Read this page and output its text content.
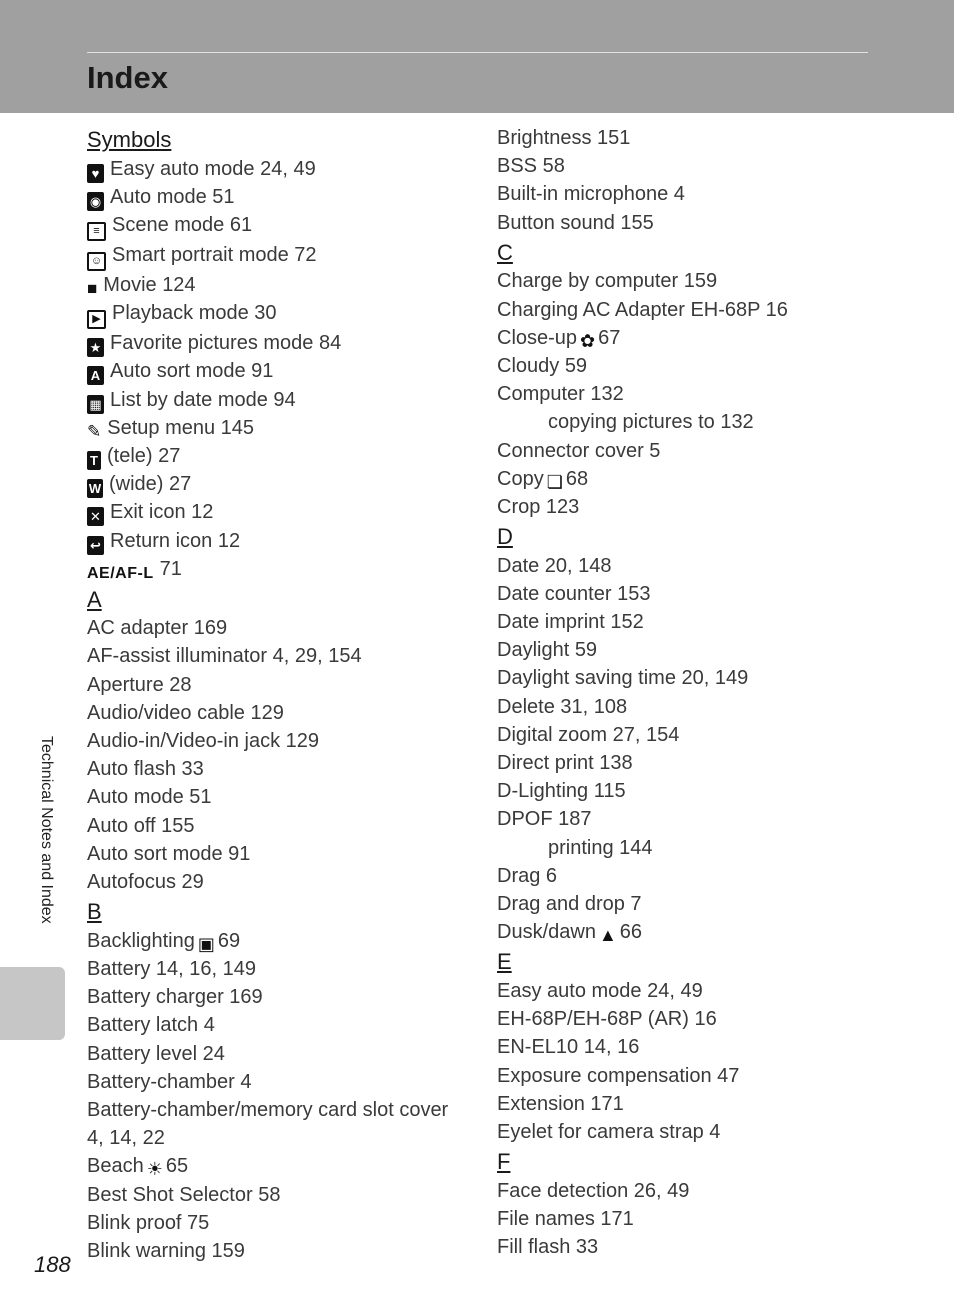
Index
Symbols
♥ Easy auto mode 24, 49
◉ Auto mode 51
≡ Scene mode 61
☺ Smart portrait mode 72
■ Movie 124
▶ Playback mode 30
★ Favorite pictures mode 84
A Auto sort mode 91
▦ List by date mode 94
✎ Setup menu 145
T (tele) 27
W (wide) 27
✕ Exit icon 12
↩ Return icon 12
AE/AF-L 71
A
AC adapter 169
AF-assist illuminator 4, 29, 154
Aperture 28
Audio/video cable 129
Audio-in/Video-in jack 129
Auto flash 33
Auto mode 51
Auto off 155
Auto sort mode 91
Autofocus 29
B
Backlighting ▣ 69
Battery 14, 16, 149
Battery charger 169
Battery latch 4
Battery level 24
Battery-chamber 4
Battery-chamber/memory card slot cover
4, 14, 22
Beach ☀ 65
Best Shot Selector 58
Blink proof 75
Blink warning 159
Brightness 151
BSS 58
Built-in microphone 4
Button sound 155
C
Charge by computer 159
Charging AC Adapter EH-68P 16
Close-up ✿ 67
Cloudy 59
Computer 132
copying pictures to 132
Connector cover 5
Copy ❏ 68
Crop 123
D
Date 20, 148
Date counter 153
Date imprint 152
Daylight 59
Daylight saving time 20, 149
Delete 31, 108
Digital zoom 27, 154
Direct print 138
D-Lighting 115
DPOF 187
printing 144
Drag 6
Drag and drop 7
Dusk/dawn ▲ 66
E
Easy auto mode 24, 49
EH-68P/EH-68P (AR) 16
EN-EL10 14, 16
Exposure compensation 47
Extension 171
Eyelet for camera strap 4
F
Face detection 26, 49
File names 171
Fill flash 33
Technical Notes and Index
188
